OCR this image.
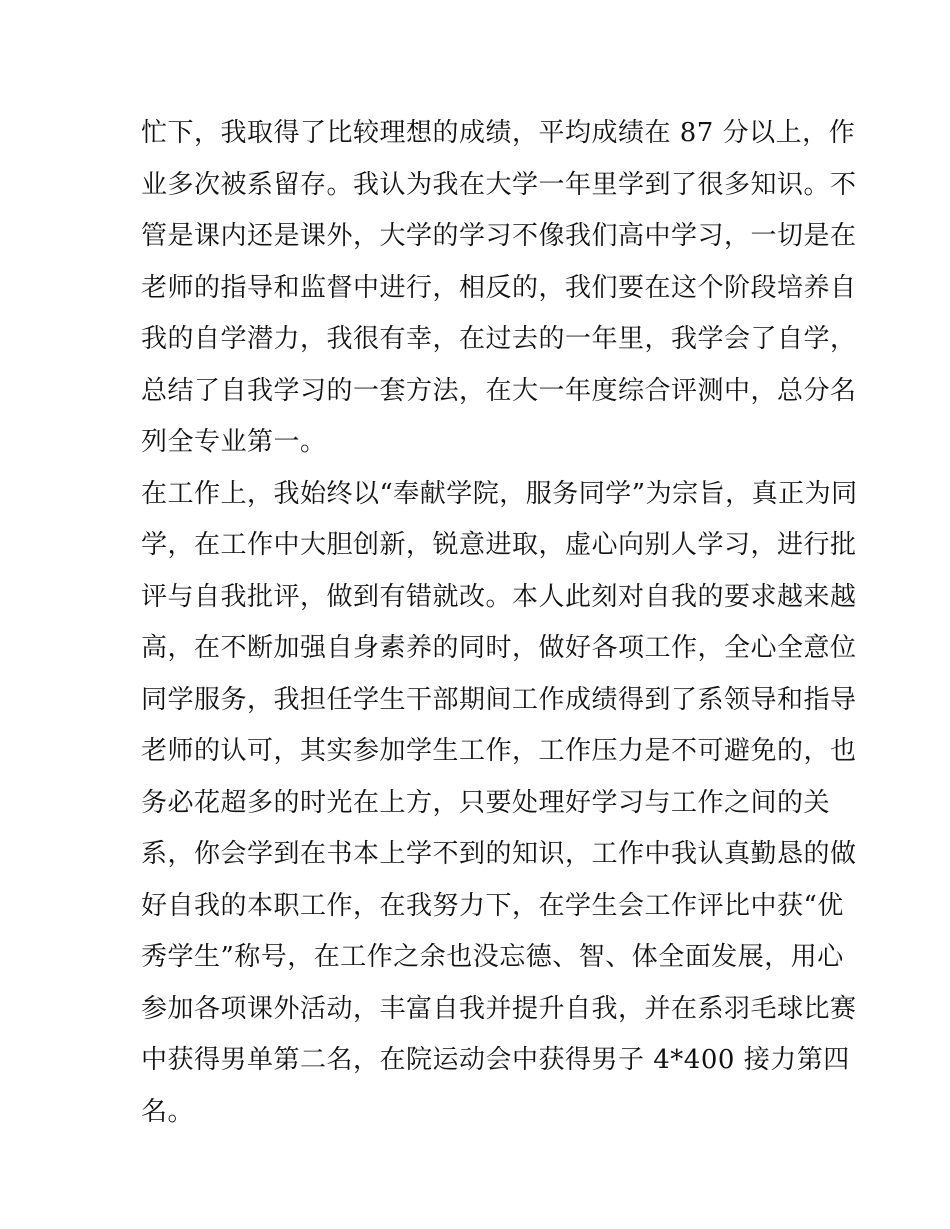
忙下，我取得了比较理想的成绩，平均成绩在 87 分以上，作
业多次被系留存。我认为我在大学一年里学到了很多知识。不
管是课内还是课外，大学的学习不像我们高中学习，一切是在
老师的指导和监督中进行，相反的，我们要在这个阶段培养自
我的自学潜力，我很有幸，在过去的一年里，我学会了自学，
总结了自我学习的一套方法，在大一年度综合评测中，总分名
列全专业第一。
在工作上，我始终以“奉献学院，服务同学”为宗旨，真正为同
学，在工作中大胆创新，锐意进取，虚心向别人学习，进行批
评与自我批评，做到有错就改。本人此刻对自我的要求越来越
高，在不断加强自身素养的同时，做好各项工作，全心全意位
同学服务，我担任学生干部期间工作成绩得到了系领导和指导
老师的认可，其实参加学生工作，工作压力是不可避免的，也
务必花超多的时光在上方，只要处理好学习与工作之间的关
系，你会学到在书本上学不到的知识，工作中我认真勤恳的做
好自我的本职工作，在我努力下，在学生会工作评比中获“优
秀学生”称号，在工作之余也没忘德、智、体全面发展，用心
参加各项课外活动，丰富自我并提升自我，并在系羽毛球比赛
中获得男单第二名，在院运动会中获得男子 4*400 接力第四
名。
